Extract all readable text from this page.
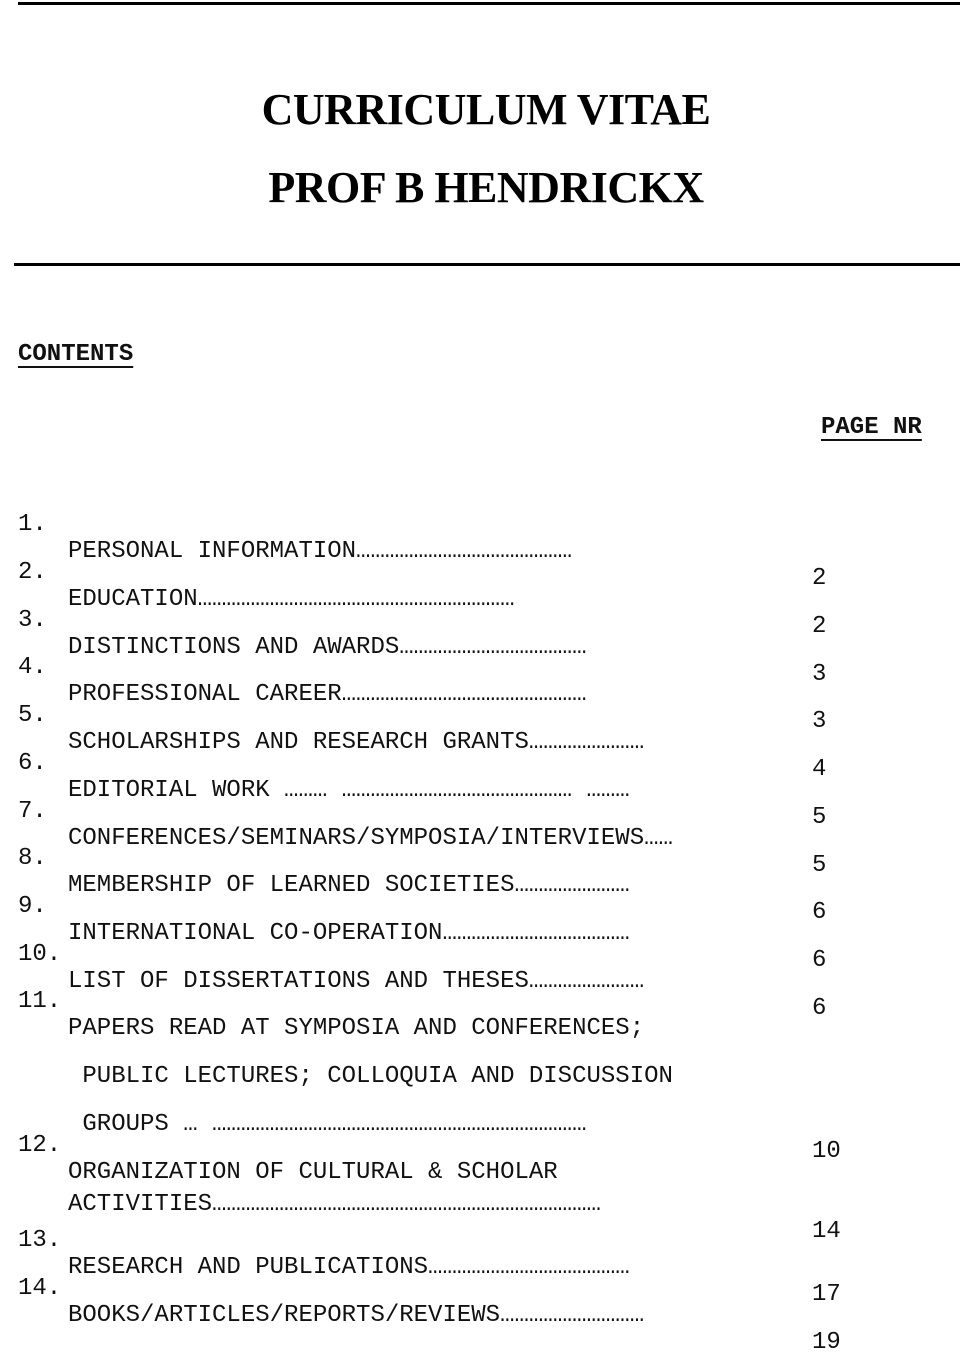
CURRICULUM VITAE
PROF B HENDRICKX
CONTENTS
PAGE NR

1.

PERSONAL INFORMATION………………………………………

2

2.

EDUCATION…………………………………………………………

2

3.

DISTINCTIONS AND AWARDS…………………………………

3

4.

PROFESSIONAL CAREER……………………………………………

3

5.

SCHOLARSHIPS AND RESEARCH GRANTS……………………

4

6.

EDITORIAL WORK ……… ………………………………………… ………

5

7.

CONFERENCES/SEMINARS/SYMPOSIA/INTERVIEWS……

5

8.

MEMBERSHIP OF LEARNED SOCIETIES……………………

6

9.

INTERNATIONAL CO-OPERATION…………………………………

6

10.

LIST OF DISSERTATIONS AND THESES……………………

6

11.

PAPERS READ AT SYMPOSIA AND CONFERENCES;

PUBLIC LECTURES; COLLOQUIA AND DISCUSSION

GROUPS … ……………………………………………………………………

10

12.

ORGANIZATION OF CULTURAL & SCHOLAR

ACTIVITIES………………………………………………………………………

14

13.

RESEARCH AND PUBLICATIONS……………………………………

17

14.

BOOKS/ARTICLES/REPORTS/REVIEWS…………………………

19
